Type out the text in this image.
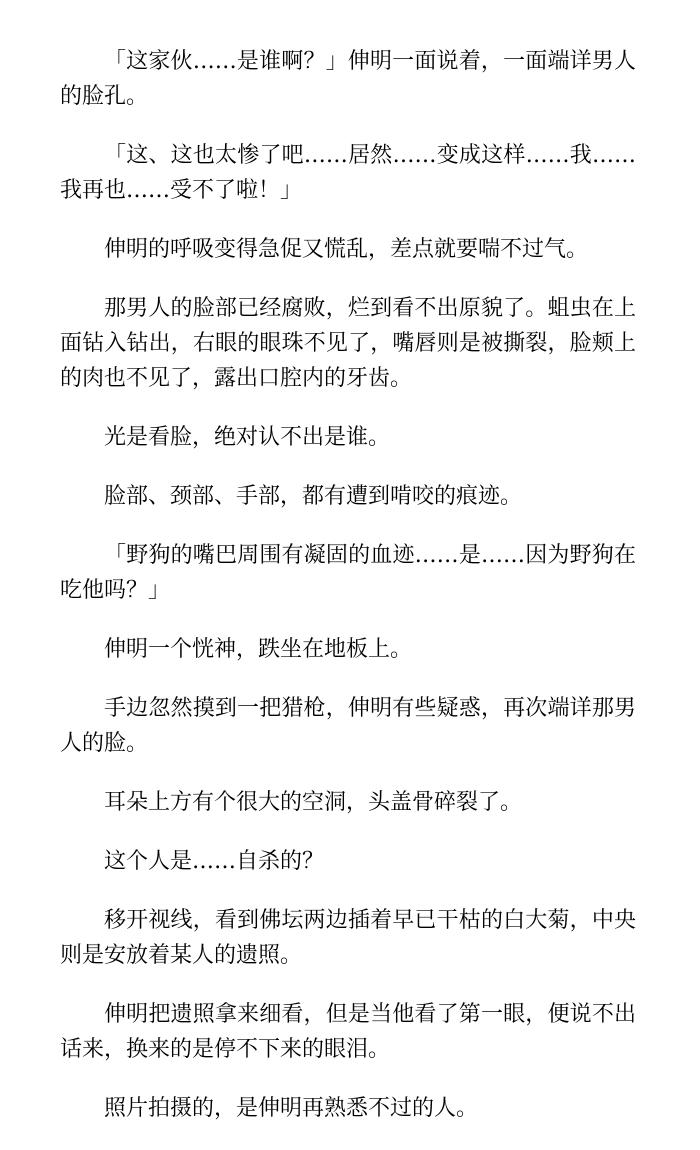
「这家伙……是谁啊？」伸明一面说着，一面端详男人的脸孔。

「这、这也太惨了吧……居然……变成这样……我……我再也……受不了啦！」

伸明的呼吸变得急促又慌乱，差点就要喘不过气。

那男人的脸部已经腐败，烂到看不出原貌了。蛆虫在上面钻入钻出，右眼的眼珠不见了，嘴唇则是被撕裂，脸颊上的肉也不见了，露出口腔内的牙齿。

光是看脸，绝对认不出是谁。

脸部、颈部、手部，都有遭到啃咬的痕迹。

「野狗的嘴巴周围有凝固的血迹……是……因为野狗在吃他吗？」

伸明一个恍神，跌坐在地板上。

手边忽然摸到一把猎枪，伸明有些疑惑，再次端详那男人的脸。

耳朵上方有个很大的空洞，头盖骨碎裂了。

这个人是……自杀的？

移开视线，看到佛坛两边插着早已干枯的白大菊，中央则是安放着某人的遗照。

伸明把遗照拿来细看，但是当他看了第一眼，便说不出话来，换来的是停不下来的眼泪。

照片拍摄的，是伸明再熟悉不过的人。
